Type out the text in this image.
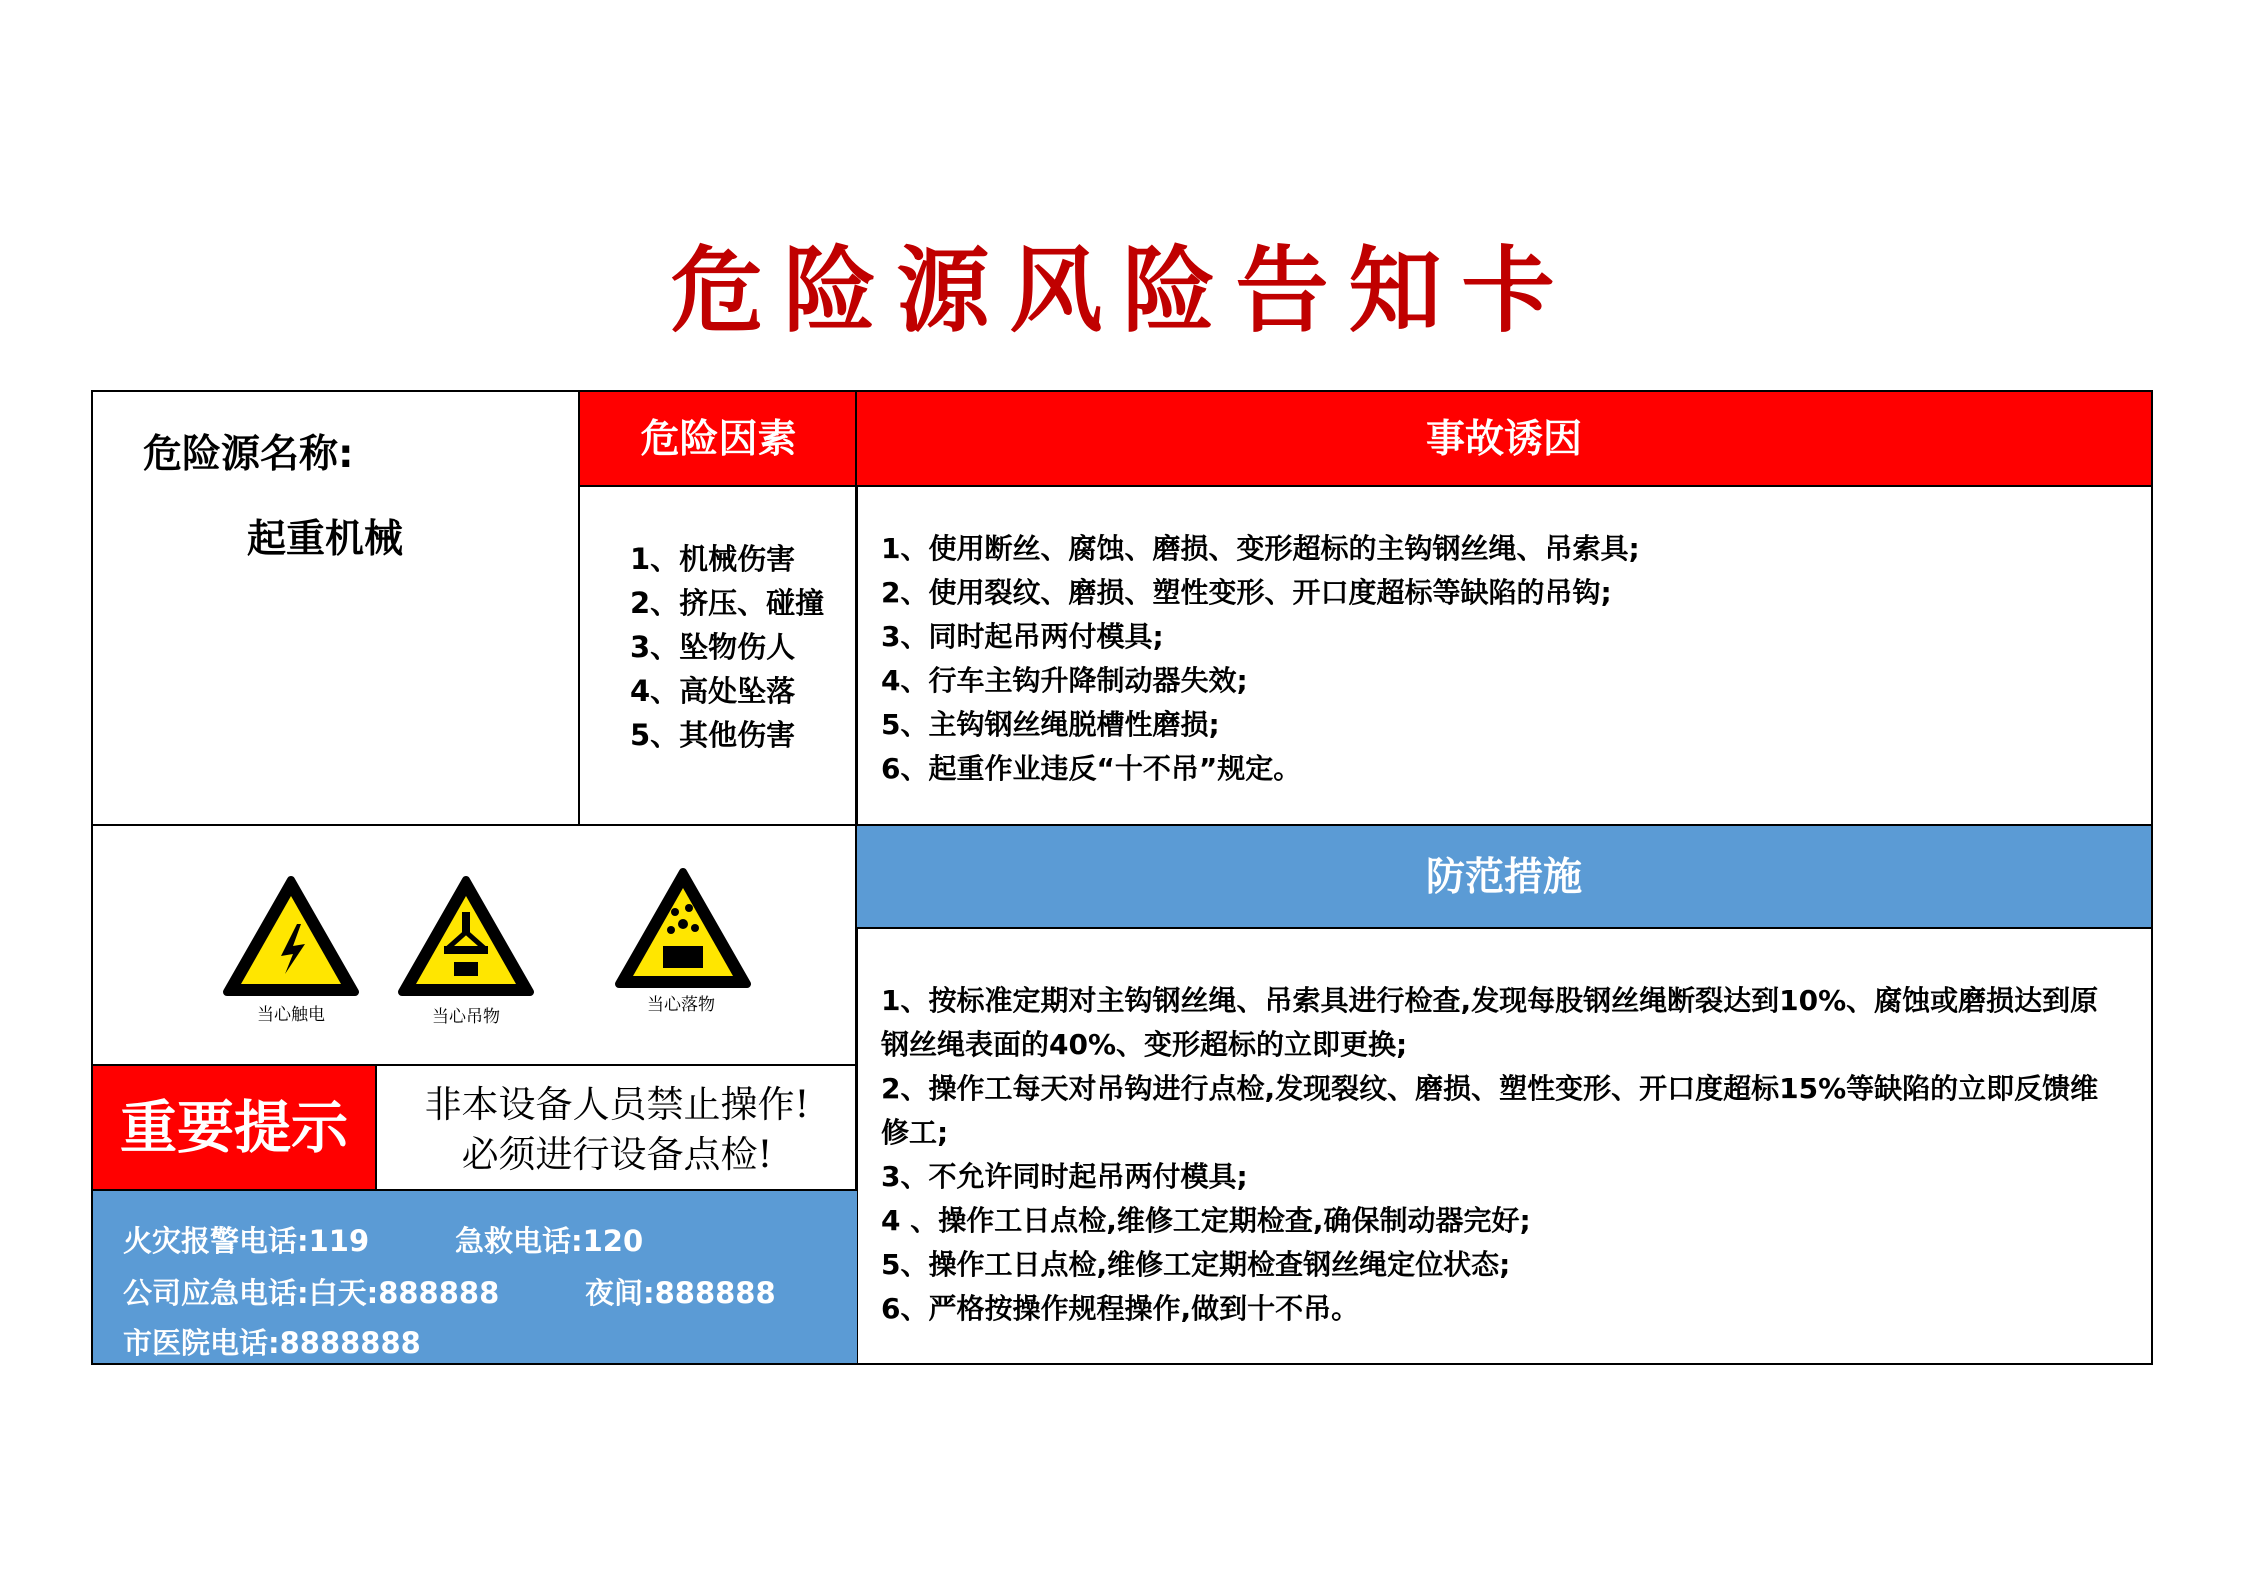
危险源风险告知卡
危险源名称:
起重机械
危险因素
1、机械伤害
2、挤压、碰撞
3、坠物伤人
4、高处坠落
5、其他伤害
事故诱因
1、使用断丝、腐蚀、磨损、变形超标的主钩钢丝绳、吊索具;
2、使用裂纹、磨损、塑性变形、开口度超标等缺陷的吊钩;
3、同时起吊两付模具;
4、行车主钩升降制动器失效;
5、主钩钢丝绳脱槽性磨损;
6、起重作业违反“十不吊”规定。
当心触电	当心吊物
当心落物
重要提示	非本设备人员禁止操作!
必须进行设备点检!
火灾报警电话:119	急救电话:120
公司应急电话:白天:888888	夜间:888888
市医院电话:8888888
防范措施
1、按标准定期对主钩钢丝绳、吊索具进行检查,发现每股钢丝绳断裂达到10%、腐蚀或磨损达到原
钢丝绳表面的40%、变形超标的立即更换;
2、操作工每天对吊钩进行点检,发现裂纹、磨损、塑性变形、开口度超标15%等缺陷的立即反馈维
修工;
3、不允许同时起吊两付模具;
4 、操作工日点检,维修工定期检查,确保制动器完好;
5、操作工日点检,维修工定期检查钢丝绳定位状态;
6、严格按操作规程操作,做到十不吊。
